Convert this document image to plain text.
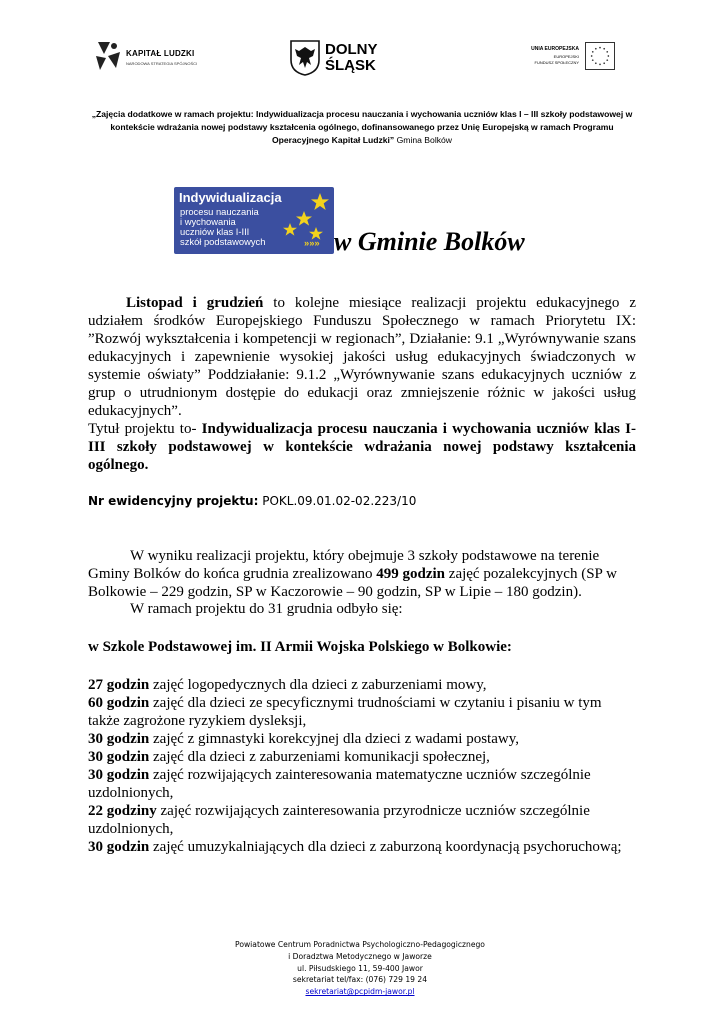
KAPITAŁ LUDZKI
NARODOWA STRATEGIA SPÓJNOŚCI
DOLNY
ŚLĄSK
UNIA EUROPEJSKA
EUROPEJSKI
FUNDUSZ SPOŁECZNY
„Zajęcia dodatkowe w ramach projektu: Indywidualizacja procesu nauczania i wychowania uczniów klas I – III szkoły podstawowej w kontekście wdrażania nowej podstawy kształcenia ogólnego, dofinansowanego przez Unię Europejską w ramach Programu Operacyjnego Kapitał Ludzki” Gmina Bolków
Indywidualizacja
procesu nauczania
i wychowania
uczniów klas I-III
szkół podstawowych	»»» w Gminie Bolków
Listopad i grudzień to kolejne miesiące realizacji projektu edukacyjnego z udziałem środków Europejskiego Funduszu Społecznego w ramach Priorytetu IX: ”Rozwój wykształcenia i kompetencji w regionach”, Działanie: 9.1 „Wyrównywanie szans edukacyjnych i zapewnienie wysokiej jakości usług edukacyjnych świadczonych w systemie oświaty” Poddziałanie: 9.1.2 „Wyrównywanie szans edukacyjnych uczniów z grup o utrudnionym dostępie do edukacji oraz zmniejszenie różnic w jakości usług edukacyjnych”.
Tytuł projektu to- Indywidualizacja procesu nauczania i wychowania uczniów klas I-III szkoły podstawowej w kontekście wdrażania nowej podstawy kształcenia ogólnego.
Nr ewidencyjny projektu: POKL.09.01.02-02.223/10
W wyniku realizacji projektu, który obejmuje 3 szkoły podstawowe na terenie Gminy Bolków do końca grudnia zrealizowano 499 godzin zajęć pozalekcyjnych (SP w Bolkowie – 229 godzin, SP w Kaczorowie – 90 godzin, SP w Lipie – 180 godzin).
W ramach projektu do 31 grudnia odbyło się:
w Szkole Podstawowej im. II Armii Wojska Polskiego w Bolkowie:
27 godzin zajęć logopedycznych dla dzieci z zaburzeniami mowy,
60 godzin zajęć dla dzieci ze specyficznymi trudnościami w czytaniu i pisaniu w tym także zagrożone ryzykiem dysleksji,
30 godzin zajęć z gimnastyki korekcyjnej dla dzieci z wadami postawy,
30 godzin zajęć dla dzieci z zaburzeniami komunikacji społecznej,
30 godzin zajęć rozwijających zainteresowania matematyczne uczniów szczególnie uzdolnionych,
22 godziny zajęć rozwijających zainteresowania przyrodnicze uczniów szczególnie uzdolnionych,
30 godzin zajęć umuzykalniających dla dzieci z zaburzoną koordynacją psychoruchową;
Powiatowe Centrum Poradnictwa Psychologiczno-Pedagogicznego
i Doradztwa Metodycznego w Jaworze
ul. Piłsudskiego 11, 59-400 Jawor
sekretariat tel/fax: (076) 729 19 24
sekretariat@pcpidm-jawor.pl
